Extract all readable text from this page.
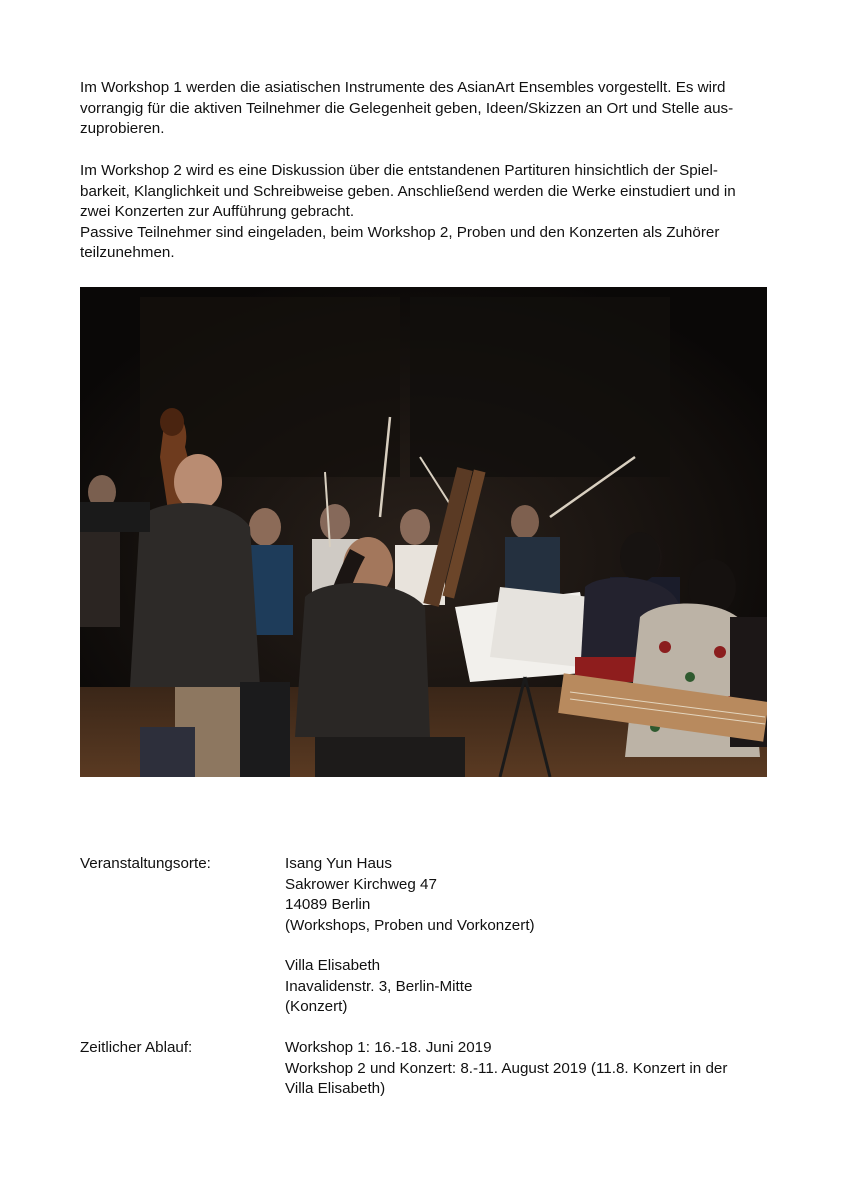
Im Workshop 1 werden die asiatischen Instrumente des AsianArt Ensembles vorgestellt. Es wird
vorrangig für die aktiven Teilnehmer die Gelegenheit geben, Ideen/Skizzen an Ort und Stelle aus-
zuprobieren.
Im Workshop 2 wird es eine Diskussion über die entstandenen Partituren hinsichtlich der Spiel-
barkeit, Klanglichkeit und Schreibweise geben. Anschließend werden die Werke einstudiert und in
zwei Konzerten zur Aufführung gebracht.
Passive Teilnehmer sind eingeladen, beim Workshop 2, Proben und den Konzerten als Zuhörer
teilzunehmen.
Veranstaltungsorte:	Isang Yun Haus
Sakrower Kirchweg 47
14089 Berlin
(Workshops, Proben und Vorkonzert)
Villa Elisabeth
Inavalidenstr. 3, Berlin-Mitte
(Konzert)
Zeitlicher Ablauf:	Workshop 1: 16.-18. Juni 2019
Workshop 2 und Konzert: 8.-11. August 2019 (11.8. Konzert in der
Villa Elisabeth)
